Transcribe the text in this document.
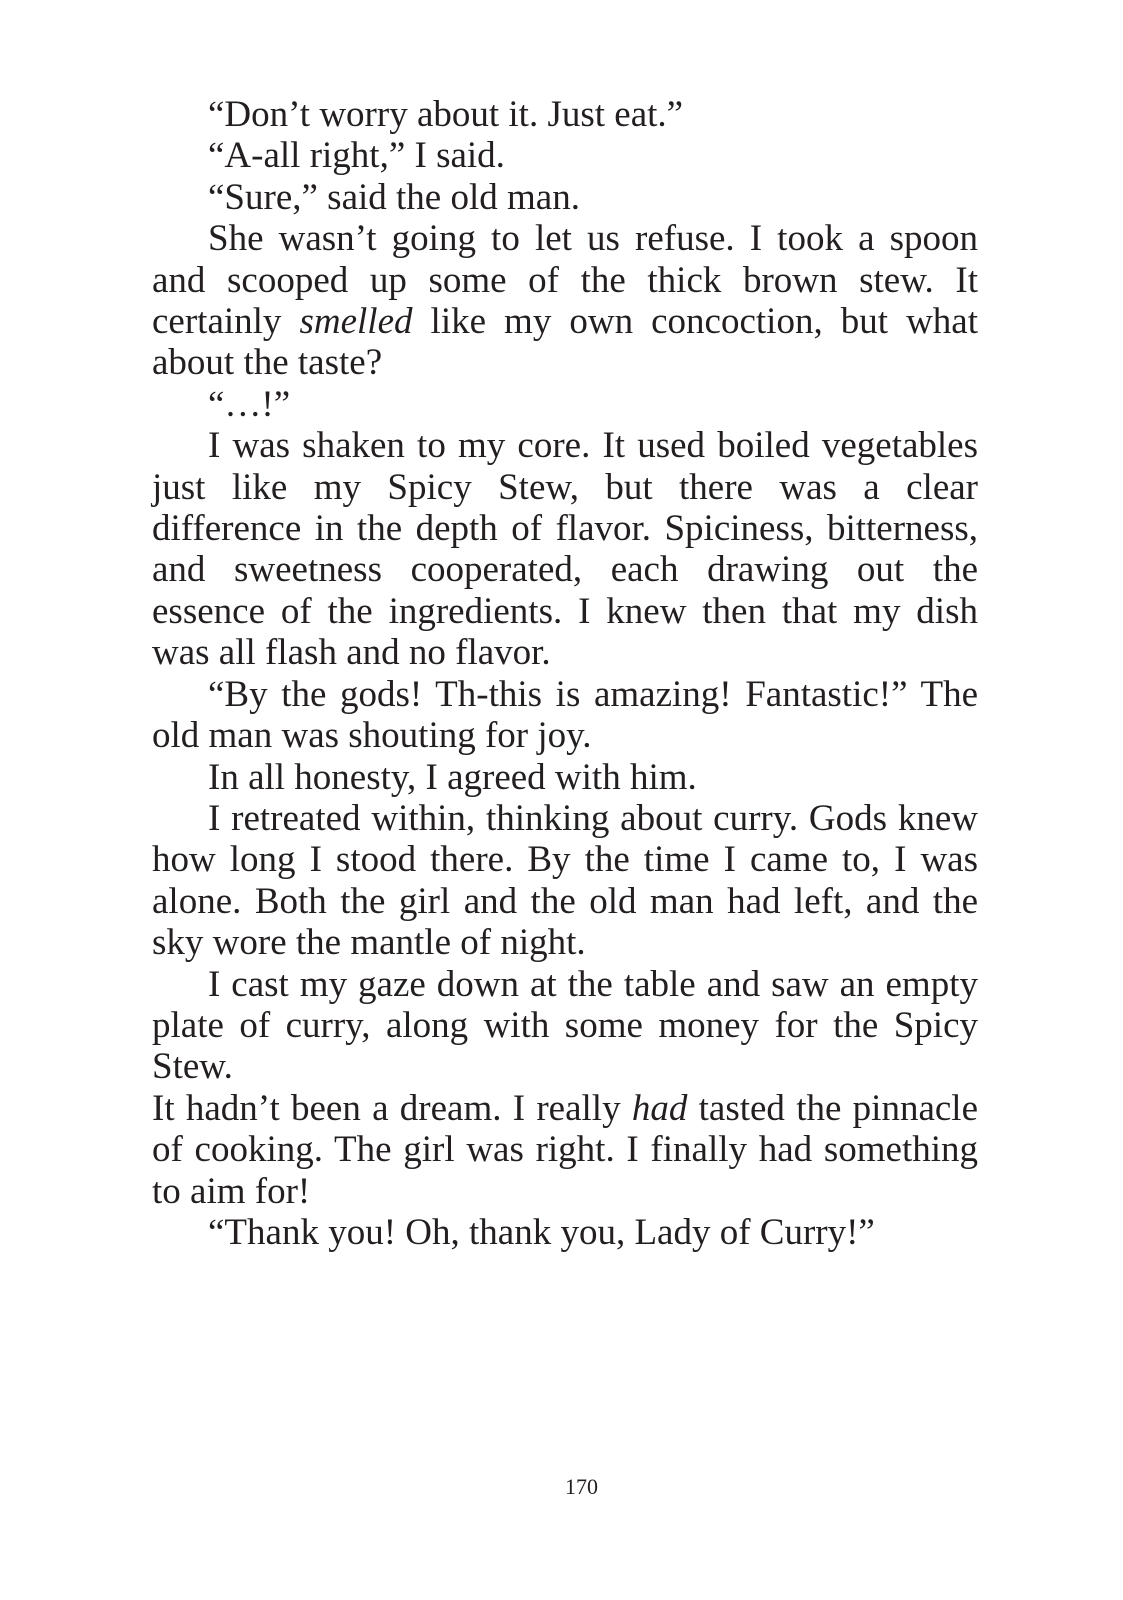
“Don’t worry about it. Just eat.”

“A-all right,” I said.

“Sure,” said the old man.

She wasn’t going to let us refuse. I took a spoon and scooped up some of the thick brown stew. It certainly smelled like my own concoction, but what about the taste?

“…!”

I was shaken to my core. It used boiled vegetables just like my Spicy Stew, but there was a clear difference in the depth of flavor. Spiciness, bitterness, and sweetness cooperated, each drawing out the essence of the ingredients. I knew then that my dish was all flash and no flavor.

“By the gods! Th-this is amazing! Fantastic!” The old man was shouting for joy.

In all honesty, I agreed with him.

I retreated within, thinking about curry. Gods knew how long I stood there. By the time I came to, I was alone. Both the girl and the old man had left, and the sky wore the mantle of night.

I cast my gaze down at the table and saw an empty plate of curry, along with some money for the Spicy Stew.

It hadn’t been a dream. I really had tasted the pinnacle of cooking. The girl was right. I finally had something to aim for!

“Thank you! Oh, thank you, Lady of Curry!”

170
